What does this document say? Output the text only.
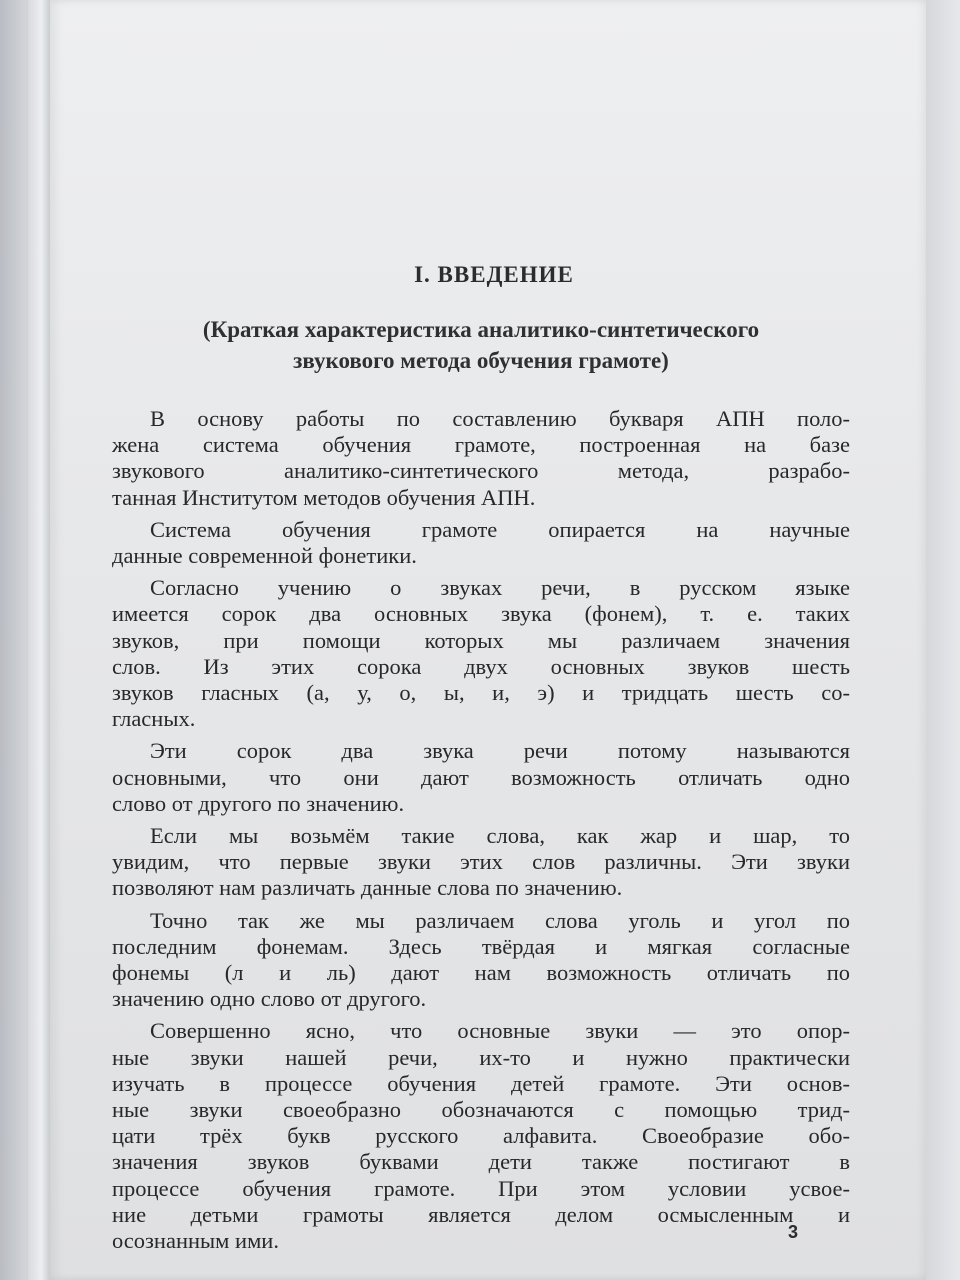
I. ВВЕДЕНИЕ
(Краткая характеристика аналитико-синтетического
звукового метода обучения грамоте)
В основу работы по составлению букваря АПН поло-
жена система обучения грамоте, построенная на базе
звукового аналитико-синтетического метода, разрабо-
танная Институтом методов обучения АПН.
Система обучения грамоте опирается на научные
данные современной фонетики.
Согласно учению о звуках речи, в русском языке
имеется сорок два основных звука (фонем), т. е. таких
звуков, при помощи которых мы различаем значения
слов. Из этих сорока двух основных звуков шесть
звуков гласных (а, у, о, ы, и, э) и тридцать шесть со-
гласных.
Эти сорок два звука речи потому называются
основными, что они дают возможность отличать одно
слово от другого по значению.
Если мы возьмём такие слова, как жар и шар, то
увидим, что первые звуки этих слов различны. Эти звуки
позволяют нам различать данные слова по значению.
Точно так же мы различаем слова уголь и угол по
последним фонемам. Здесь твёрдая и мягкая согласные
фонемы (л и ль) дают нам возможность отличать по
значению одно слово от другого.
Совершенно ясно, что основные звуки — это опор-
ные звуки нашей речи, их-то и нужно практически
изучать в процессе обучения детей грамоте. Эти основ-
ные звуки своеобразно обозначаются с помощью трид-
цати трёх букв русского алфавита. Своеобразие обо-
значения звуков буквами дети также постигают в
процессе обучения грамоте. При этом условии усвое-
ние детьми грамоты является делом осмысленным и
осознанным ими.	3
